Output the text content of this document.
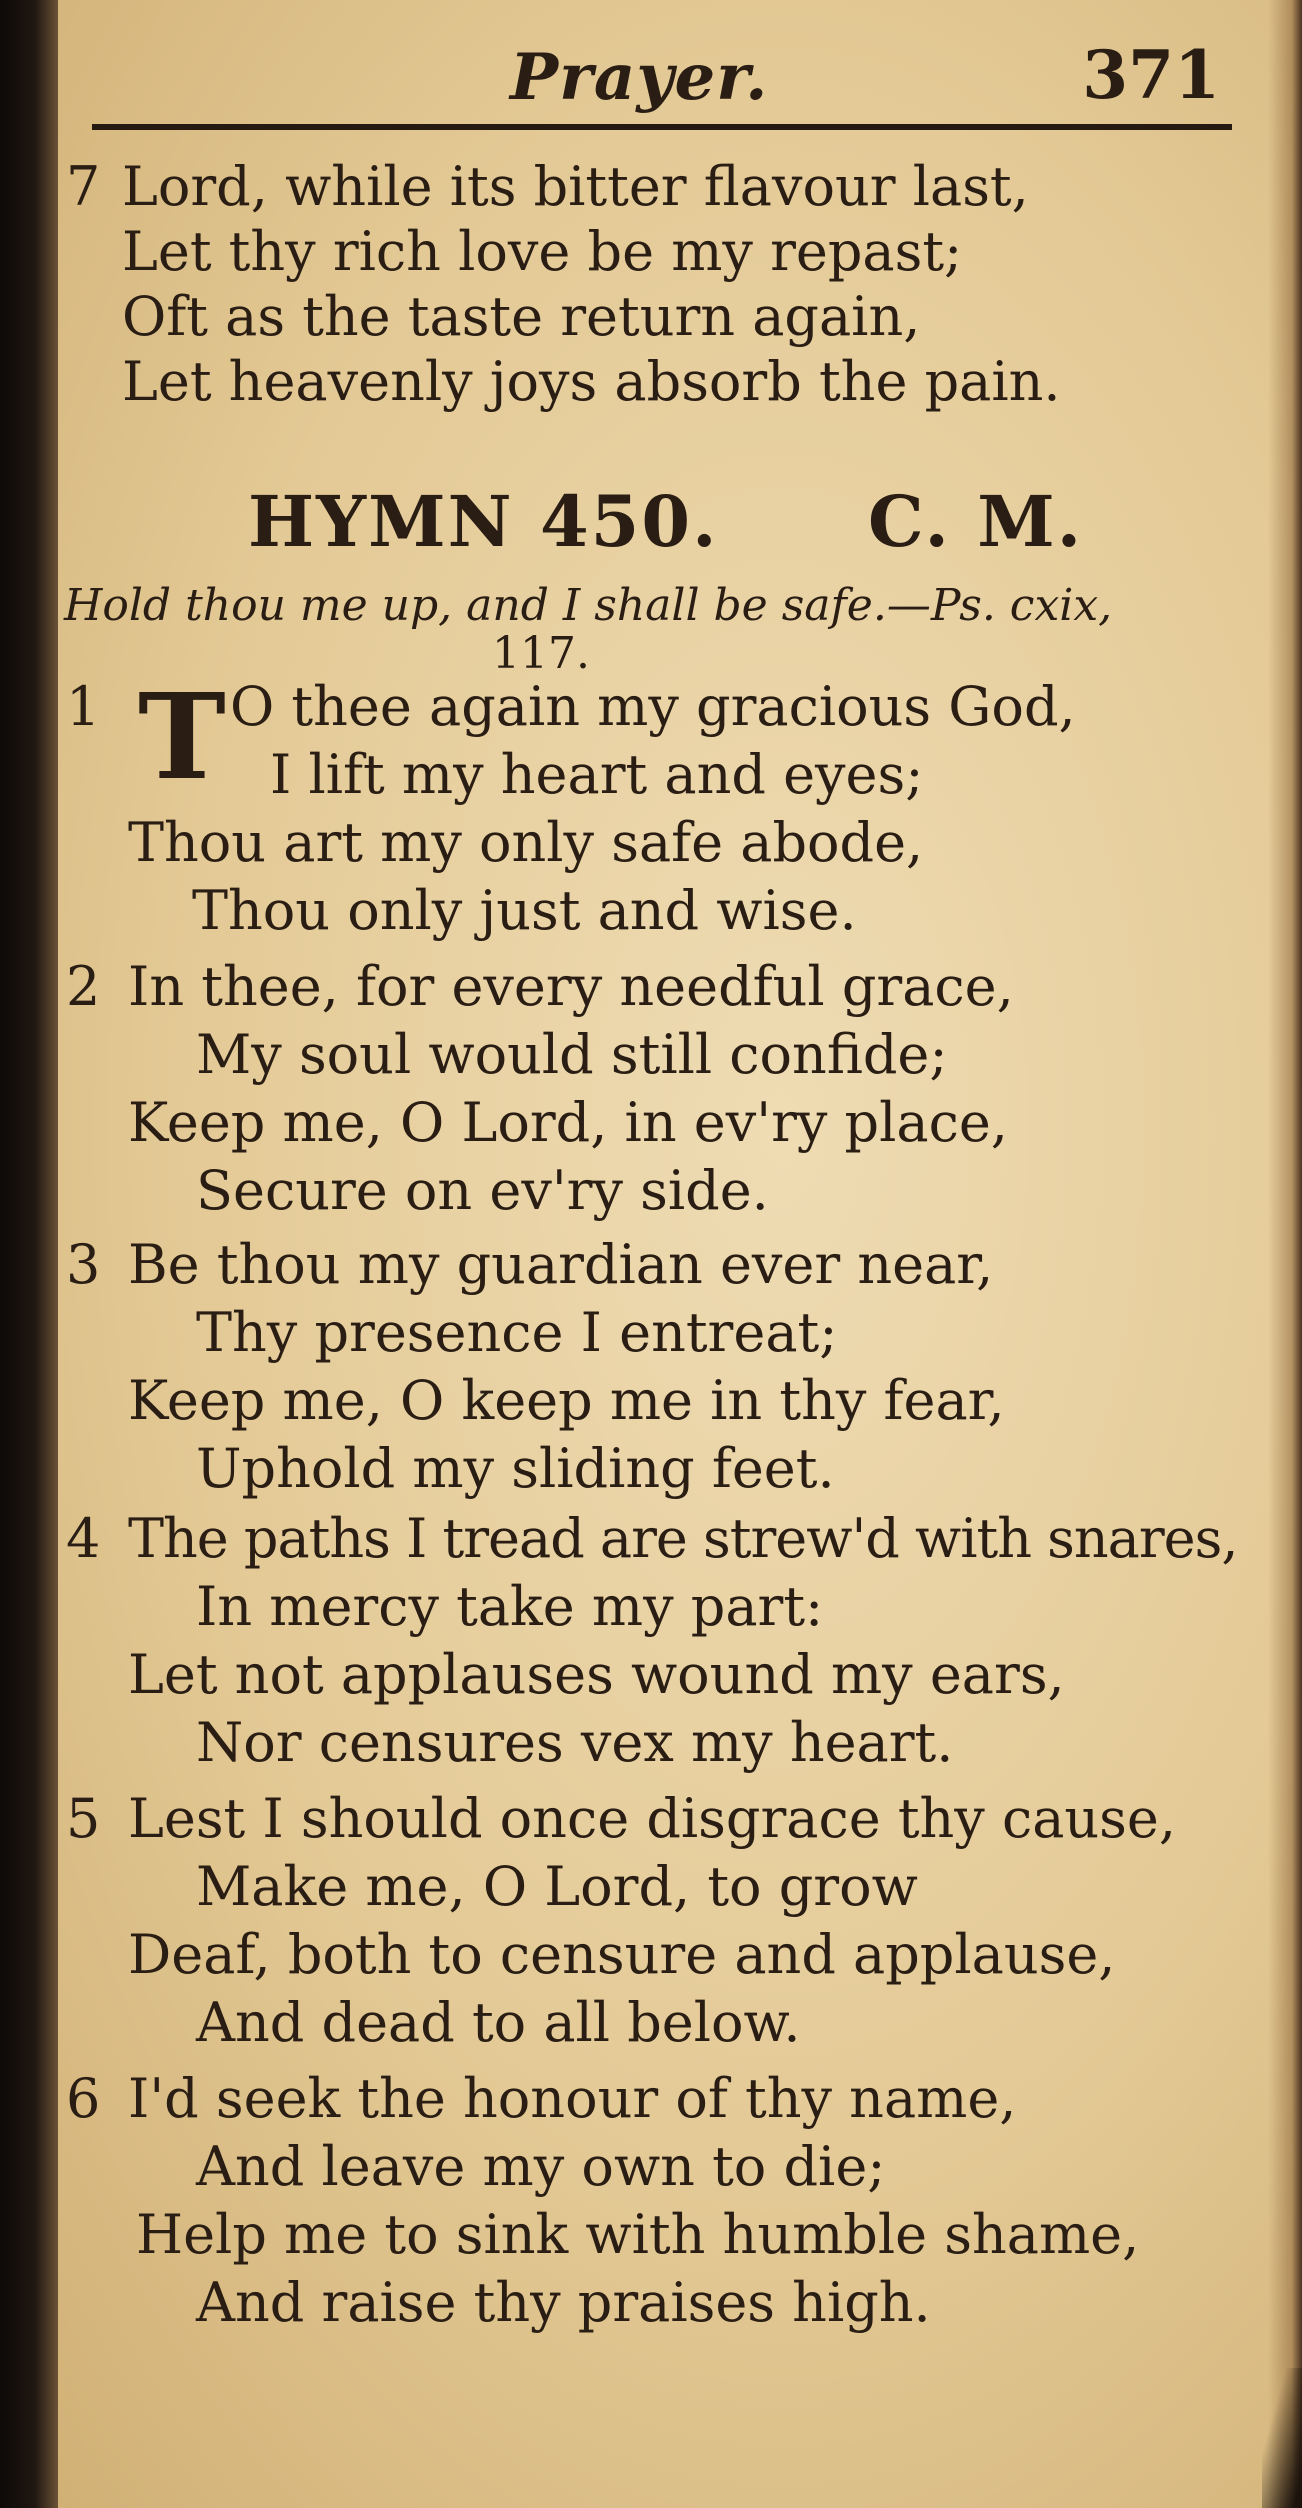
Prayer.	371
7 Lord, while its bitter flavour last,
Let thy rich love be my repast;
Oft as the taste return again,
Let heavenly joys absorb the pain.
HYMN 450. C. M.
Hold thou me up, and I shall be safe.—Ps. cxix,
117.
1 T O thee again my gracious God,
I lift my heart and eyes;
Thou art my only safe abode,
Thou only just and wise.
2 In thee, for every needful grace,
My soul would still confide;
Keep me, O Lord, in ev'ry place,
Secure on ev'ry side.
3 Be thou my guardian ever near,
Thy presence I entreat;
Keep me, O keep me in thy fear,
Uphold my sliding feet.
4 The paths I tread are strew'd with snares,
In mercy take my part:
Let not applauses wound my ears,
Nor censures vex my heart.
5 Lest I should once disgrace thy cause,
Make me, O Lord, to grow
Deaf, both to censure and applause,
And dead to all below.
6 I'd seek the honour of thy name,
And leave my own to die;
Help me to sink with humble shame,
And raise thy praises high.
